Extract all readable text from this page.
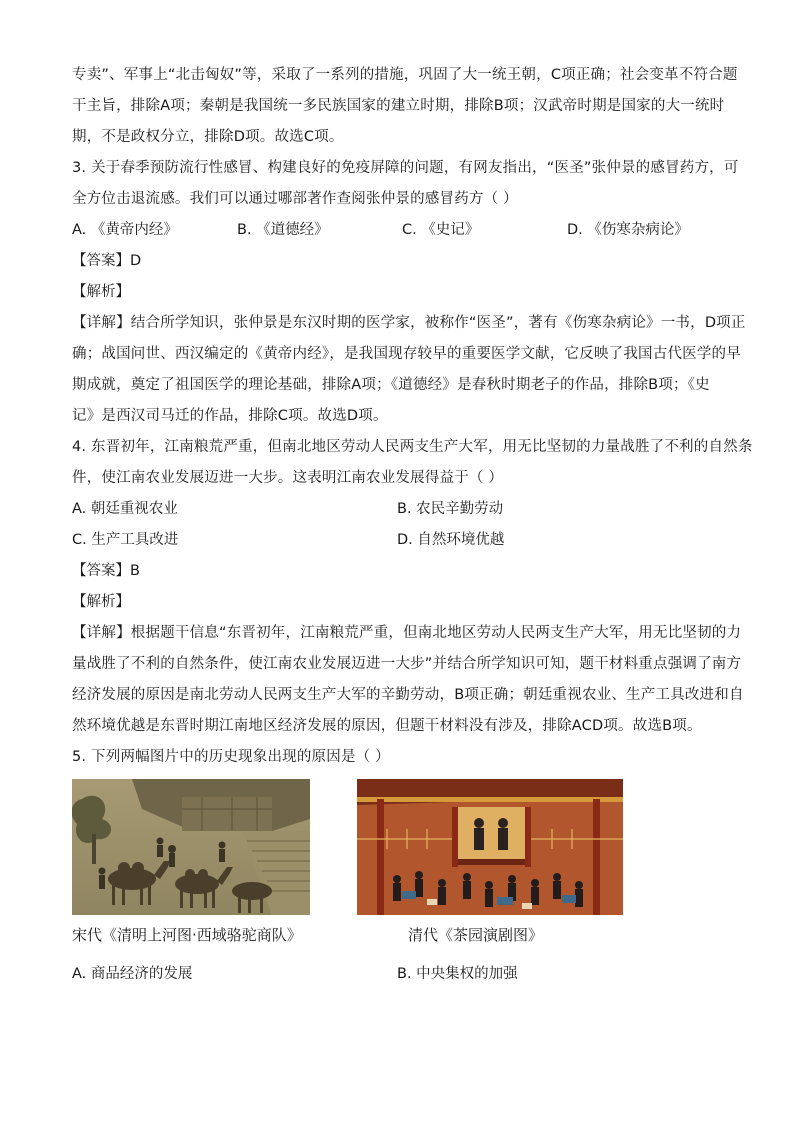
专卖”、军事上“北击匈奴”等，采取了一系列的措施，巩固了大一统王朝，C项正确；社会变革不符合题
干主旨，排除A项；秦朝是我国统一多民族国家的建立时期，排除B项；汉武帝时期是国家的大一统时
期，不是政权分立，排除D项。故选C项。
3. 关于春季预防流行性感冒、构建良好的免疫屏障的问题，有网友指出，“医圣”张仲景的感冒药方，可
全方位击退流感。我们可以通过哪部著作查阅张仲景的感冒药方（ ）
A. 《黄帝内经》	B. 《道德经》	C. 《史记》	D. 《伤寒杂病论》
【答案】D
【解析】
【详解】结合所学知识，张仲景是东汉时期的医学家，被称作“医圣”，著有《伤寒杂病论》一书，D项正
确；战国问世、西汉编定的《黄帝内经》，是我国现存较早的重要医学文献，它反映了我国古代医学的早
期成就，奠定了祖国医学的理论基础，排除A项；《道德经》是春秋时期老子的作品，排除B项；《史
记》是西汉司马迁的作品，排除C项。故选D项。
4. 东晋初年，江南粮荒严重，但南北地区劳动人民两支生产大军，用无比坚韧的力量战胜了不利的自然条
件，使江南农业发展迈进一大步。这表明江南农业发展得益于（ ）
A. 朝廷重视农业	B. 农民辛勤劳动
C. 生产工具改进	D. 自然环境优越
【答案】B
【解析】
【详解】根据题干信息“东晋初年，江南粮荒严重，但南北地区劳动人民两支生产大军，用无比坚韧的力
量战胜了不利的自然条件，使江南农业发展迈进一大步”并结合所学知识可知，题干材料重点强调了南方
经济发展的原因是南北劳动人民两支生产大军的辛勤劳动，B项正确；朝廷重视农业、生产工具改进和自
然环境优越是东晋时期江南地区经济发展的原因，但题干材料没有涉及，排除ACD项。故选B项。
5. 下列两幅图片中的历史现象出现的原因是（ ）
宋代《清明上河图·西域骆驼商队》	清代《茶园演剧图》
A. 商品经济的发展	B. 中央集权的加强
